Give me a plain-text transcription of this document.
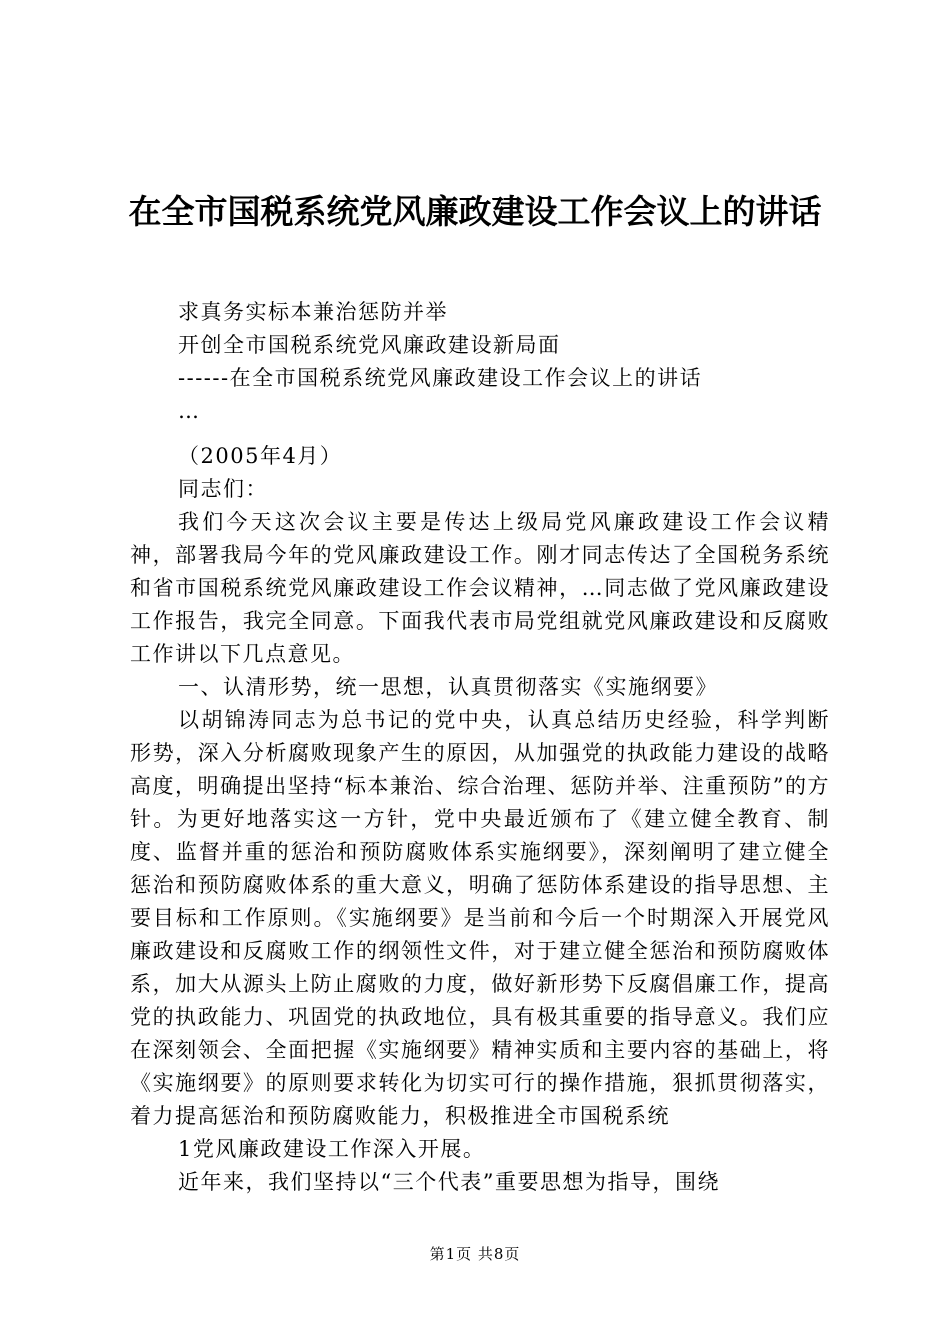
在全市国税系统党风廉政建设工作会议上的讲话

求真务实标本兼治惩防并举

开创全市国税系统党风廉政建设新局面

------在全市国税系统党风廉政建设工作会议上的讲话

…

（2005年4月）

同志们：

我们今天这次会议主要是传达上级局党风廉政建设工作会议精神，部署我局今年的党风廉政建设工作。刚才同志传达了全国税务系统和省市国税系统党风廉政建设工作会议精神，…同志做了党风廉政建设工作报告，我完全同意。下面我代表市局党组就党风廉政建设和反腐败工作讲以下几点意见。

一、认清形势，统一思想，认真贯彻落实《实施纲要》

以胡锦涛同志为总书记的党中央，认真总结历史经验，科学判断形势，深入分析腐败现象产生的原因，从加强党的执政能力建设的战略高度，明确提出坚持“标本兼治、综合治理、惩防并举、注重预防”的方针。为更好地落实这一方针，党中央最近颁布了《建立健全教育、制度、监督并重的惩治和预防腐败体系实施纲要》，深刻阐明了建立健全惩治和预防腐败体系的重大意义，明确了惩防体系建设的指导思想、主要目标和工作原则。《实施纲要》是当前和今后一个时期深入开展党风廉政建设和反腐败工作的纲领性文件，对于建立健全惩治和预防腐败体系，加大从源头上防止腐败的力度，做好新形势下反腐倡廉工作，提高党的执政能力、巩固党的执政地位，具有极其重要的指导意义。我们应在深刻领会、全面把握《实施纲要》精神实质和主要内容的基础上，将《实施纲要》的原则要求转化为切实可行的操作措施，狠抓贯彻落实，着力提高惩治和预防腐败能力，积极推进全市国税系统

1党风廉政建设工作深入开展。

近年来，我们坚持以“三个代表”重要思想为指导，围绕

第1页 共8页
